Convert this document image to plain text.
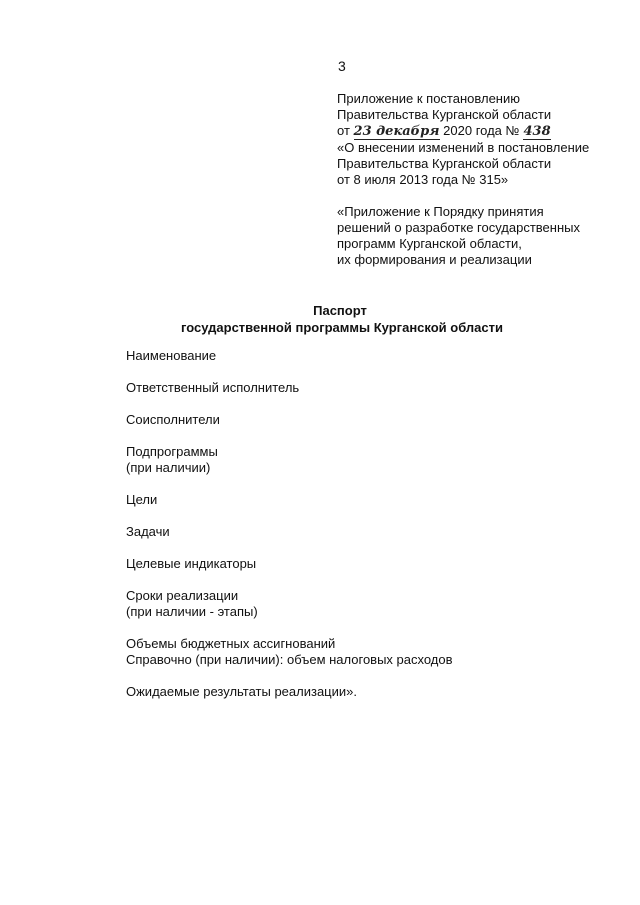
3
Приложение к постановлению
Правительства Курганской области
от 23 декабря 2020 года № 438
«О внесении изменений в постановление
Правительства Курганской области
от 8 июля 2013 года № 315»
«Приложение к Порядку принятия
решений о разработке государственных
программ Курганской области,
их формирования и реализации
Паспорт
государственной программы Курганской области
Наименование
Ответственный исполнитель
Соисполнители
Подпрограммы
(при наличии)
Цели
Задачи
Целевые индикаторы
Сроки реализации
(при наличии - этапы)
Объемы бюджетных ассигнований
Справочно (при наличии): объем налоговых расходов
Ожидаемые результаты реализации».
